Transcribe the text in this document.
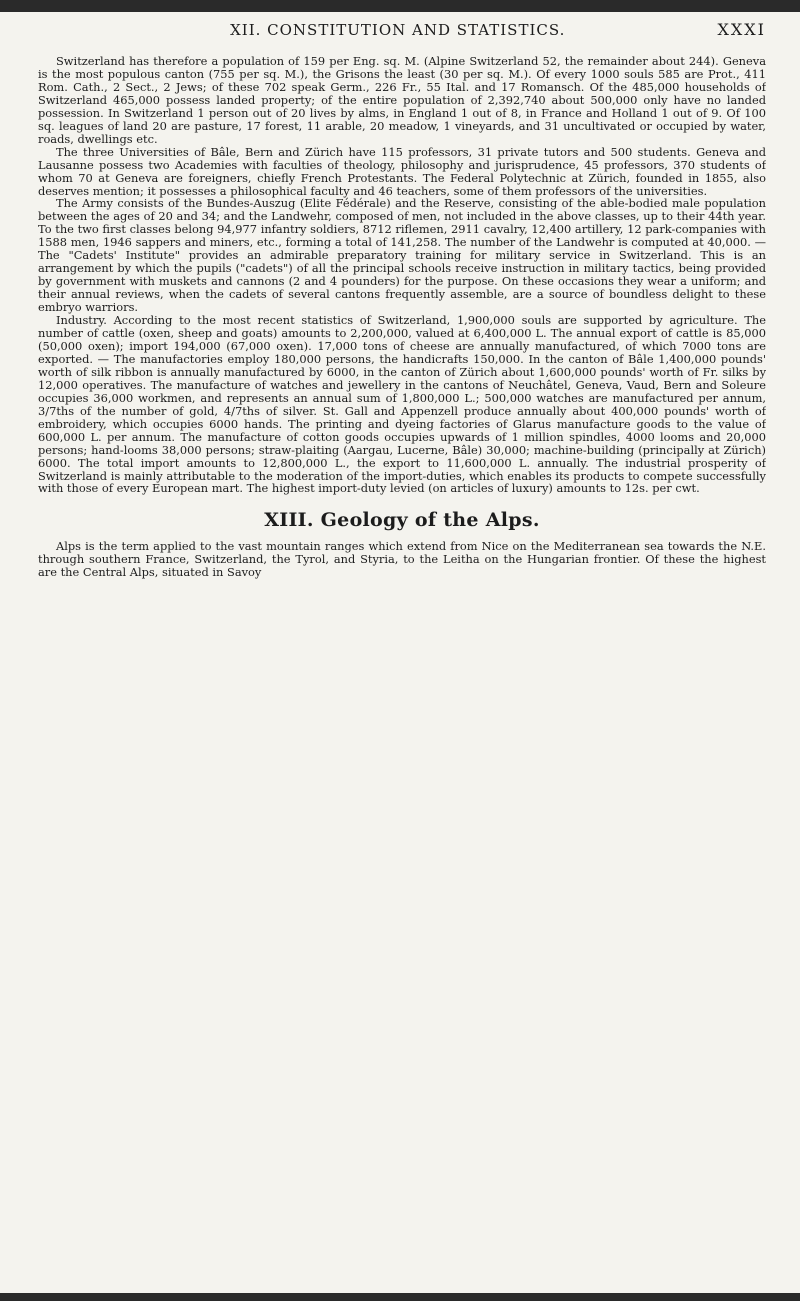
XII. CONSTITUTION AND STATISTICS.	XXXI

Switzerland has therefore a population of 159 per Eng. sq. M. (Alpine Switzerland 52, the remainder about 244). Geneva is the most populous canton (755 per sq. M.), the Grisons the least (30 per sq. M.). Of every 1000 souls 585 are Prot., 411 Rom. Cath., 2 Sect., 2 Jews; of these 702 speak Germ., 226 Fr., 55 Ital. and 17 Romansch. Of the 485,000 households of Switzerland 465,000 possess landed property; of the entire population of 2,392,740 about 500,000 only have no landed possession. In Switzerland 1 person out of 20 lives by alms, in England 1 out of 8, in France and Holland 1 out of 9. Of 100 sq. leagues of land 20 are pasture, 17 forest, 11 arable, 20 meadow, 1 vineyards, and 31 uncultivated or occupied by water, roads, dwellings etc.

The three Universities of Bâle, Bern and Zürich have 115 professors, 31 private tutors and 500 students. Geneva and Lausanne possess two Academies with faculties of theology, philosophy and jurisprudence, 45 professors, 370 students of whom 70 at Geneva are foreigners, chiefly French Protestants. The Federal Polytechnic at Zürich, founded in 1855, also deserves mention; it possesses a philosophical faculty and 46 teachers, some of them professors of the universities.

The Army consists of the Bundes-Auszug (Elite Fédérale) and the Reserve, consisting of the able-bodied male population between the ages of 20 and 34; and the Landwehr, composed of men, not included in the above classes, up to their 44th year. To the two first classes belong 94,977 infantry soldiers, 8712 riflemen, 2911 cavalry, 12,400 artillery, 12 park-companies with 1588 men, 1946 sappers and miners, etc., forming a total of 141,258. The number of the Landwehr is computed at 40,000. — The "Cadets' Institute" provides an admirable preparatory training for military service in Switzerland. This is an arrangement by which the pupils ("cadets") of all the principal schools receive instruction in military tactics, being provided by government with muskets and cannons (2 and 4 pounders) for the purpose. On these occasions they wear a uniform; and their annual reviews, when the cadets of several cantons frequently assemble, are a source of boundless delight to these embryo warriors.

Industry. According to the most recent statistics of Switzerland, 1,900,000 souls are supported by agriculture. The number of cattle (oxen, sheep and goats) amounts to 2,200,000, valued at 6,400,000 L. The annual export of cattle is 85,000 (50,000 oxen); import 194,000 (67,000 oxen). 17,000 tons of cheese are annually manufactured, of which 7000 tons are exported. — The manufactories employ 180,000 persons, the handicrafts 150,000. In the canton of Bâle 1,400,000 pounds' worth of silk ribbon is annually manufactured by 6000, in the canton of Zürich about 1,600,000 pounds' worth of Fr. silks by 12,000 operatives. The manufacture of watches and jewellery in the cantons of Neuchâtel, Geneva, Vaud, Bern and Soleure occupies 36,000 workmen, and represents an annual sum of 1,800,000 L.; 500,000 watches are manufactured per annum, 3/7ths of the number of gold, 4/7ths of silver. St. Gall and Appenzell produce annually about 400,000 pounds' worth of embroidery, which occupies 6000 hands. The printing and dyeing factories of Glarus manufacture goods to the value of 600,000 L. per annum. The manufacture of cotton goods occupies upwards of 1 million spindles, 4000 looms and 20,000 persons; hand-looms 38,000 persons; straw-plaiting (Aargau, Lucerne, Bâle) 30,000; machine-building (principally at Zürich) 6000. The total import amounts to 12,800,000 L., the export to 11,600,000 L. annually. The industrial prosperity of Switzerland is mainly attributable to the moderation of the import-duties, which enables its products to compete successfully with those of every European mart. The highest import-duty levied (on articles of luxury) amounts to 12s. per cwt.

XIII. Geology of the Alps.

Alps is the term applied to the vast mountain ranges which extend from Nice on the Mediterranean sea towards the N.E. through southern France, Switzerland, the Tyrol, and Styria, to the Leitha on the Hungarian frontier. Of these the highest are the Central Alps, situated in Savoy
